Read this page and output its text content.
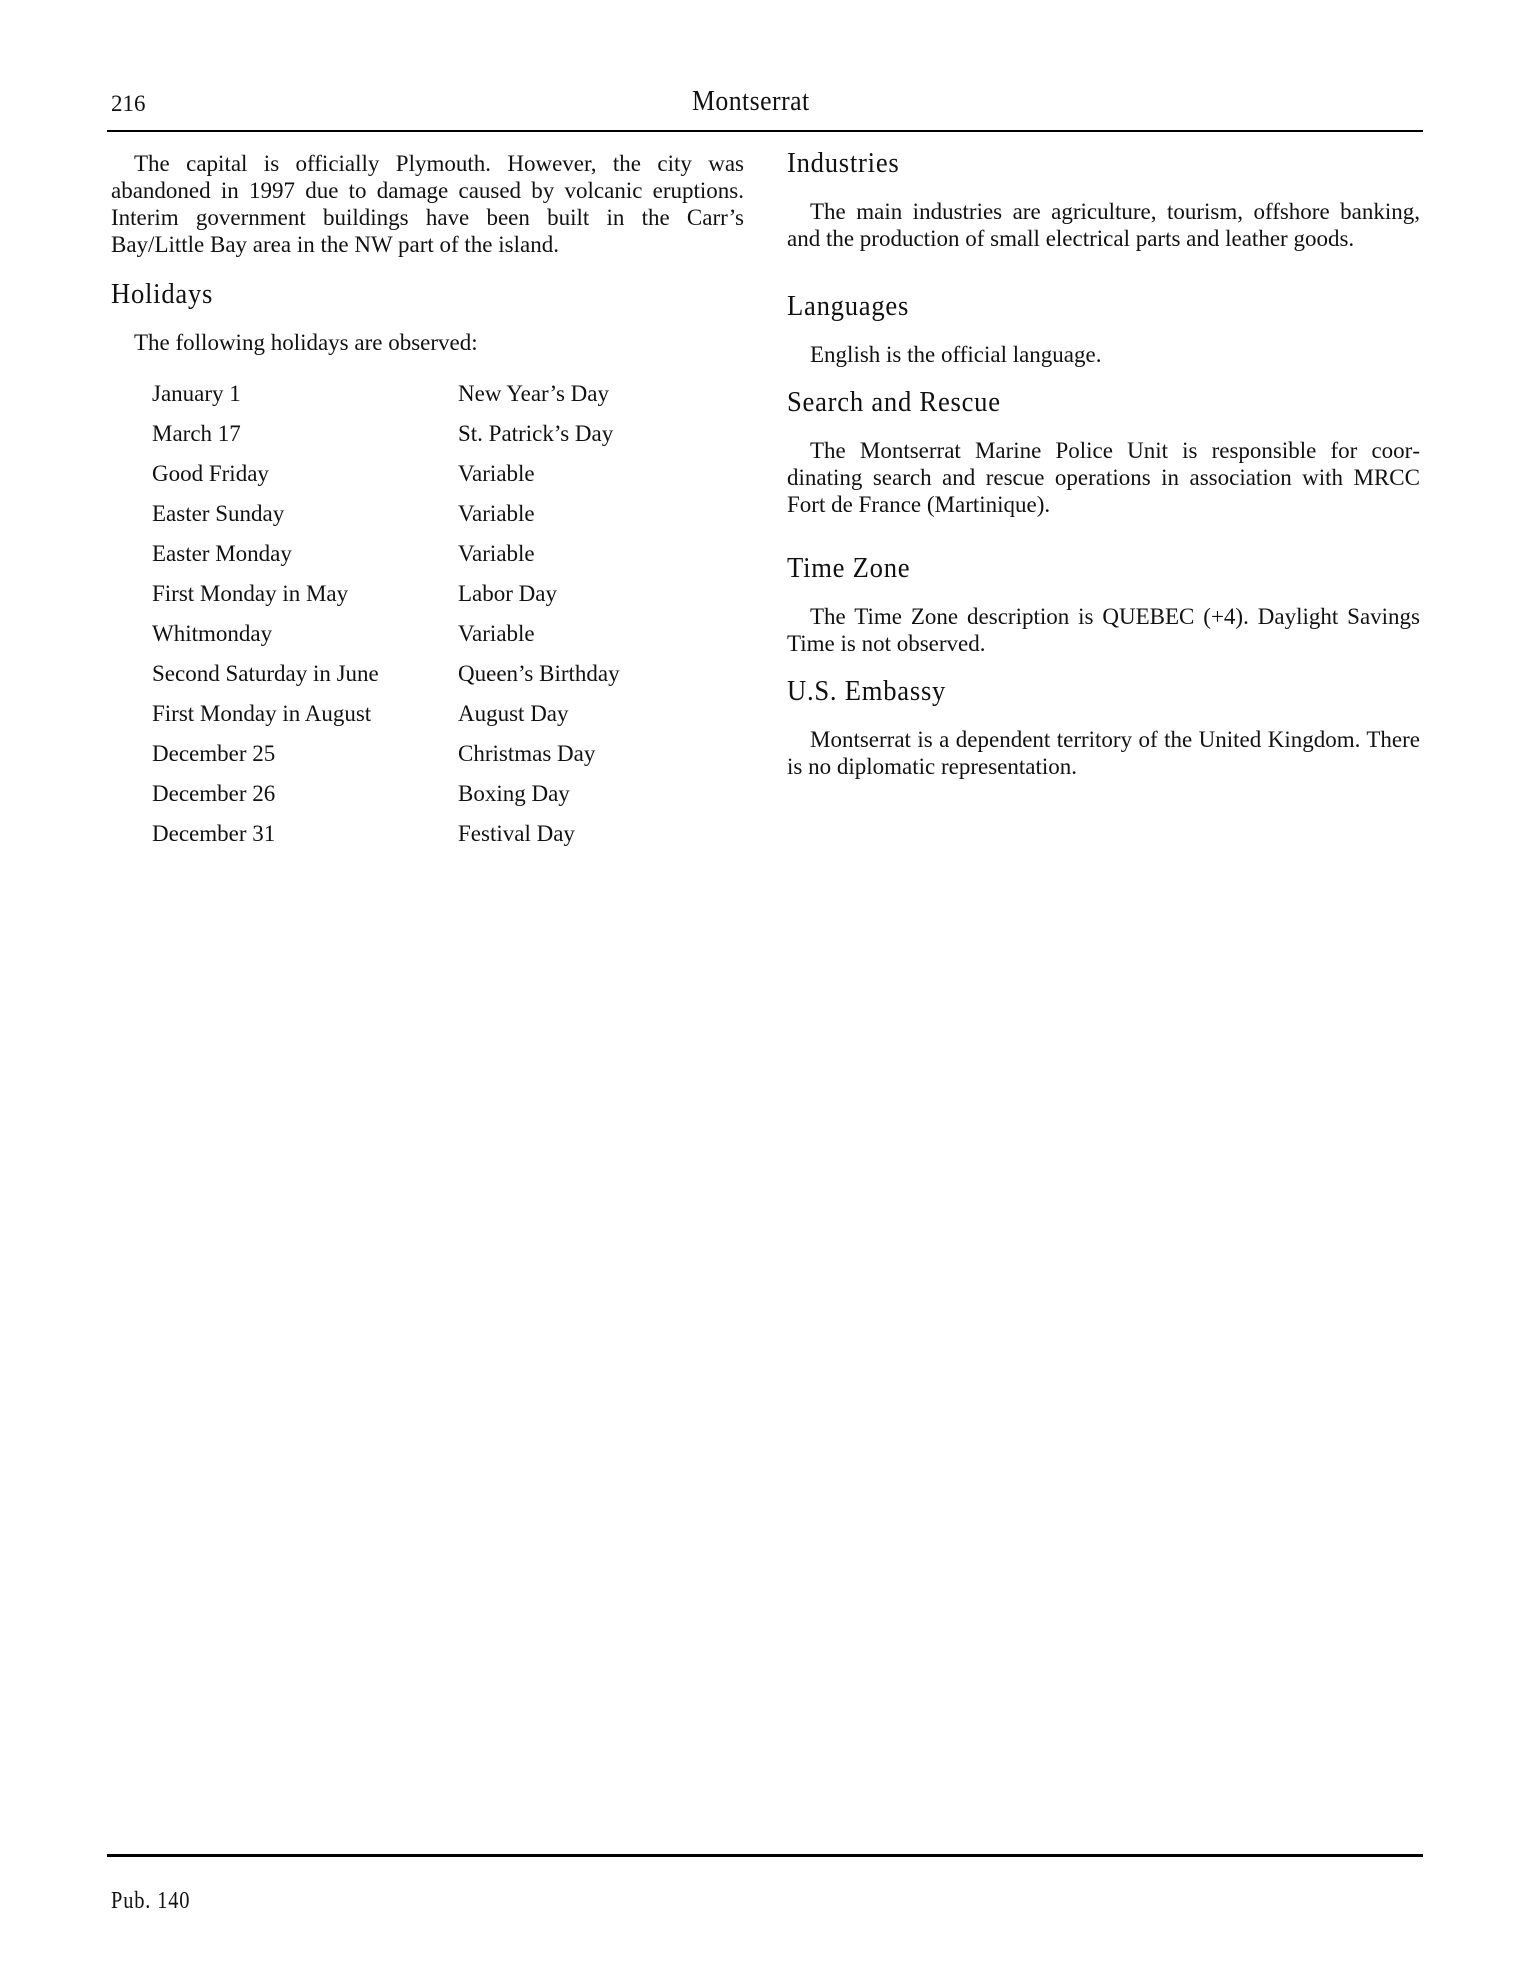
216	Montserrat

The capital is officially Plymouth. However, the city was abandoned in 1997 due to damage caused by volcanic eruptions. Interim government buildings have been built in the Carr’s Bay/Little Bay area in the NW part of the island.

Holidays

The following holidays are observed:

January 1	New Year’s Day
March 17	St. Patrick’s Day
Good Friday	Variable
Easter Sunday	Variable
Easter Monday	Variable
First Monday in May	Labor Day
Whitmonday	Variable
Second Saturday in June	Queen’s Birthday
First Monday in August	August Day
December 25	Christmas Day
December 26	Boxing Day
December 31	Festival Day
Industries

The main industries are agriculture, tourism, offshore banking, and the production of small electrical parts and leather goods.

Languages

English is the official language.

Search and Rescue

The Montserrat Marine Police Unit is responsible for coordinating search and rescue operations in association with MRCC Fort de France (Martinique).

Time Zone

The Time Zone description is QUEBEC (+4). Daylight Savings Time is not observed.

U.S. Embassy

Montserrat is a dependent territory of the United Kingdom. There is no diplomatic representation.

Pub. 140
